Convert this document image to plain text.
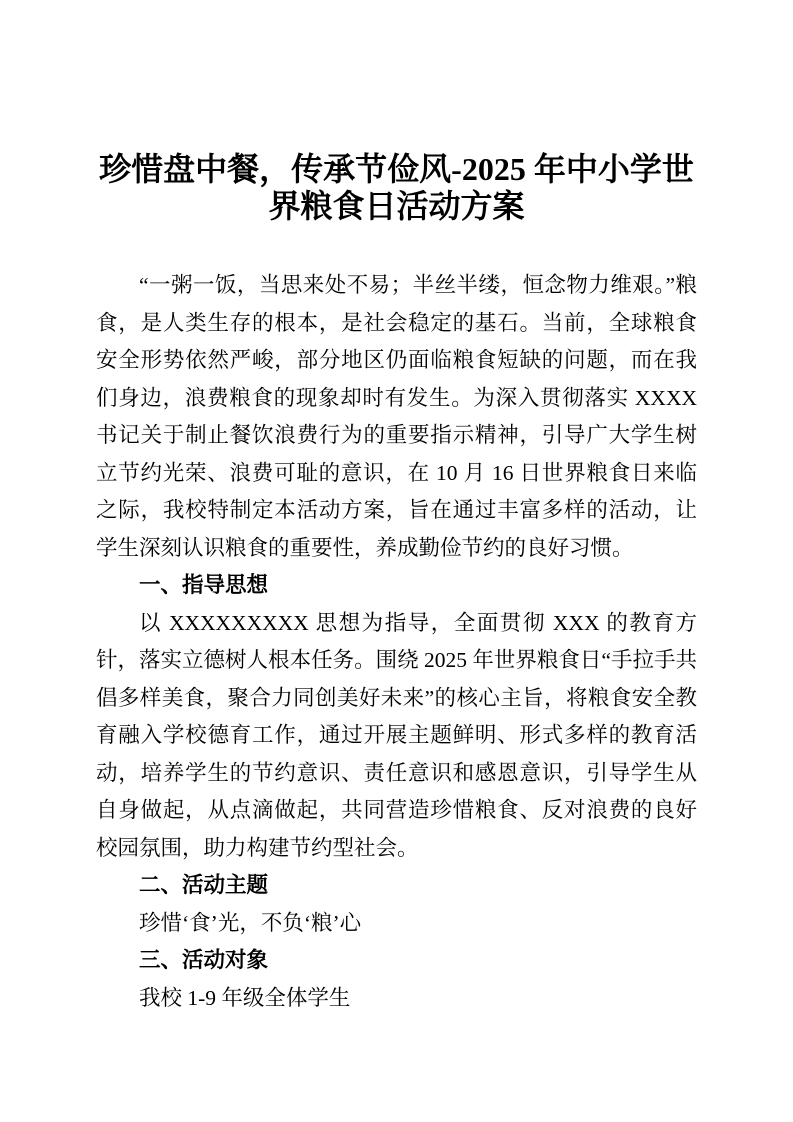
珍惜盘中餐，传承节俭风-2025 年中小学世界粮食日活动方案

“一粥一饭，当思来处不易；半丝半缕，恒念物力维艰。”粮食，是人类生存的根本，是社会稳定的基石。当前，全球粮食安全形势依然严峻，部分地区仍面临粮食短缺的问题，而在我们身边，浪费粮食的现象却时有发生。为深入贯彻落实 XXXX 书记关于制止餐饮浪费行为的重要指示精神，引导广大学生树立节约光荣、浪费可耻的意识，在 10 月 16 日世界粮食日来临之际，我校特制定本活动方案，旨在通过丰富多样的活动，让学生深刻认识粮食的重要性，养成勤俭节约的良好习惯。

一、指导思想

以 XXXXXXXXX 思想为指导，全面贯彻 XXX 的教育方针，落实立德树人根本任务。围绕 2025 年世界粮食日“手拉手共倡多样美食，聚合力同创美好未来”的核心主旨，将粮食安全教育融入学校德育工作，通过开展主题鲜明、形式多样的教育活动，培养学生的节约意识、责任意识和感恩意识，引导学生从自身做起，从点滴做起，共同营造珍惜粮食、反对浪费的良好校园氛围，助力构建节约型社会。

二、活动主题

珍惜‘食’光，不负‘粮’心

三、活动对象

我校 1-9 年级全体学生
